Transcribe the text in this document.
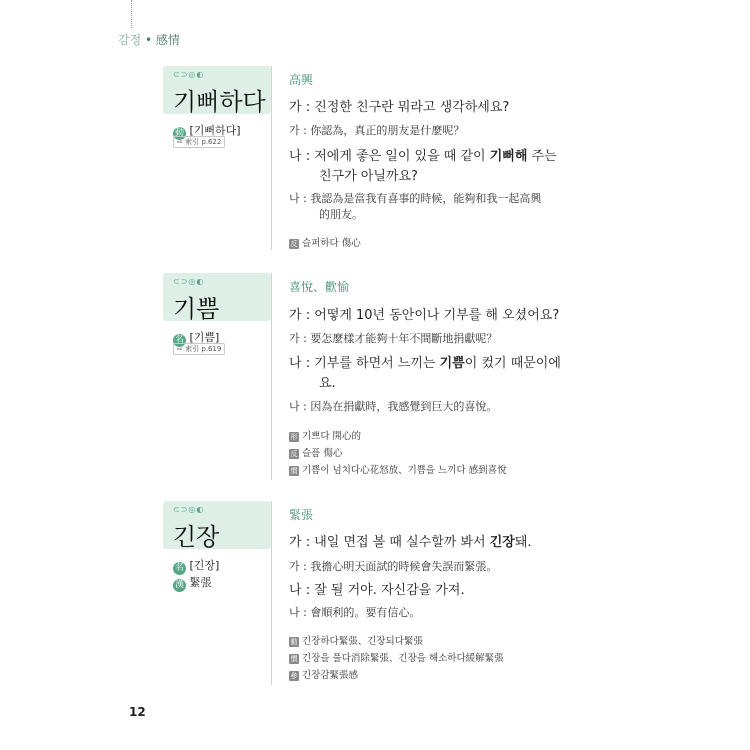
감정 • 感情
⊂⊃◎◐
기뻐하다
動 [기뻐하다]
⇨ 索引 p.622
高興
가 : 진정한 친구란 뭐라고 생각하세요?
가 : 你認為，真正的朋友是什麼呢？
나 : 저에게 좋은 일이 있을 때 같이 기뻐해 주는
친구가 아닐까요?
나 : 我認為是當我有喜事的時候，能夠和我一起高興
的朋友。
反 슬퍼하다 傷心
⊂⊃◎◐
기쁨
名 [기쁨]
⇨ 索引 p.619
喜悅、歡愉
가 : 어떻게 10년 동안이나 기부를 해 오셨어요?
가 : 要怎麼樣才能夠十年不間斷地捐獻呢？
나 : 기부를 하면서 느끼는 기쁨이 컸기 때문이에
요.
나 : 因為在捐獻時，我感覺到巨大的喜悅。
形 기쁘다 開心的
反 슬픔 傷心
慣 기쁨이 넘치다心花怒放、기쁨을 느끼다 感到喜悅
⊂⊃◎◐
긴장
名 [긴장]
漢 緊張
緊張
가 : 내일 면접 볼 때 실수할까 봐서 긴장돼.
가 : 我擔心明天面試的時候會失誤而緊張。
나 : 잘 될 거야. 자신감을 가져.
나 : 會順利的。要有信心。
動 긴장하다緊張、긴장되다緊張
慣 긴장을 풀다消除緊張、긴장을 해소하다緩解緊張
參 긴장감緊張感
12
